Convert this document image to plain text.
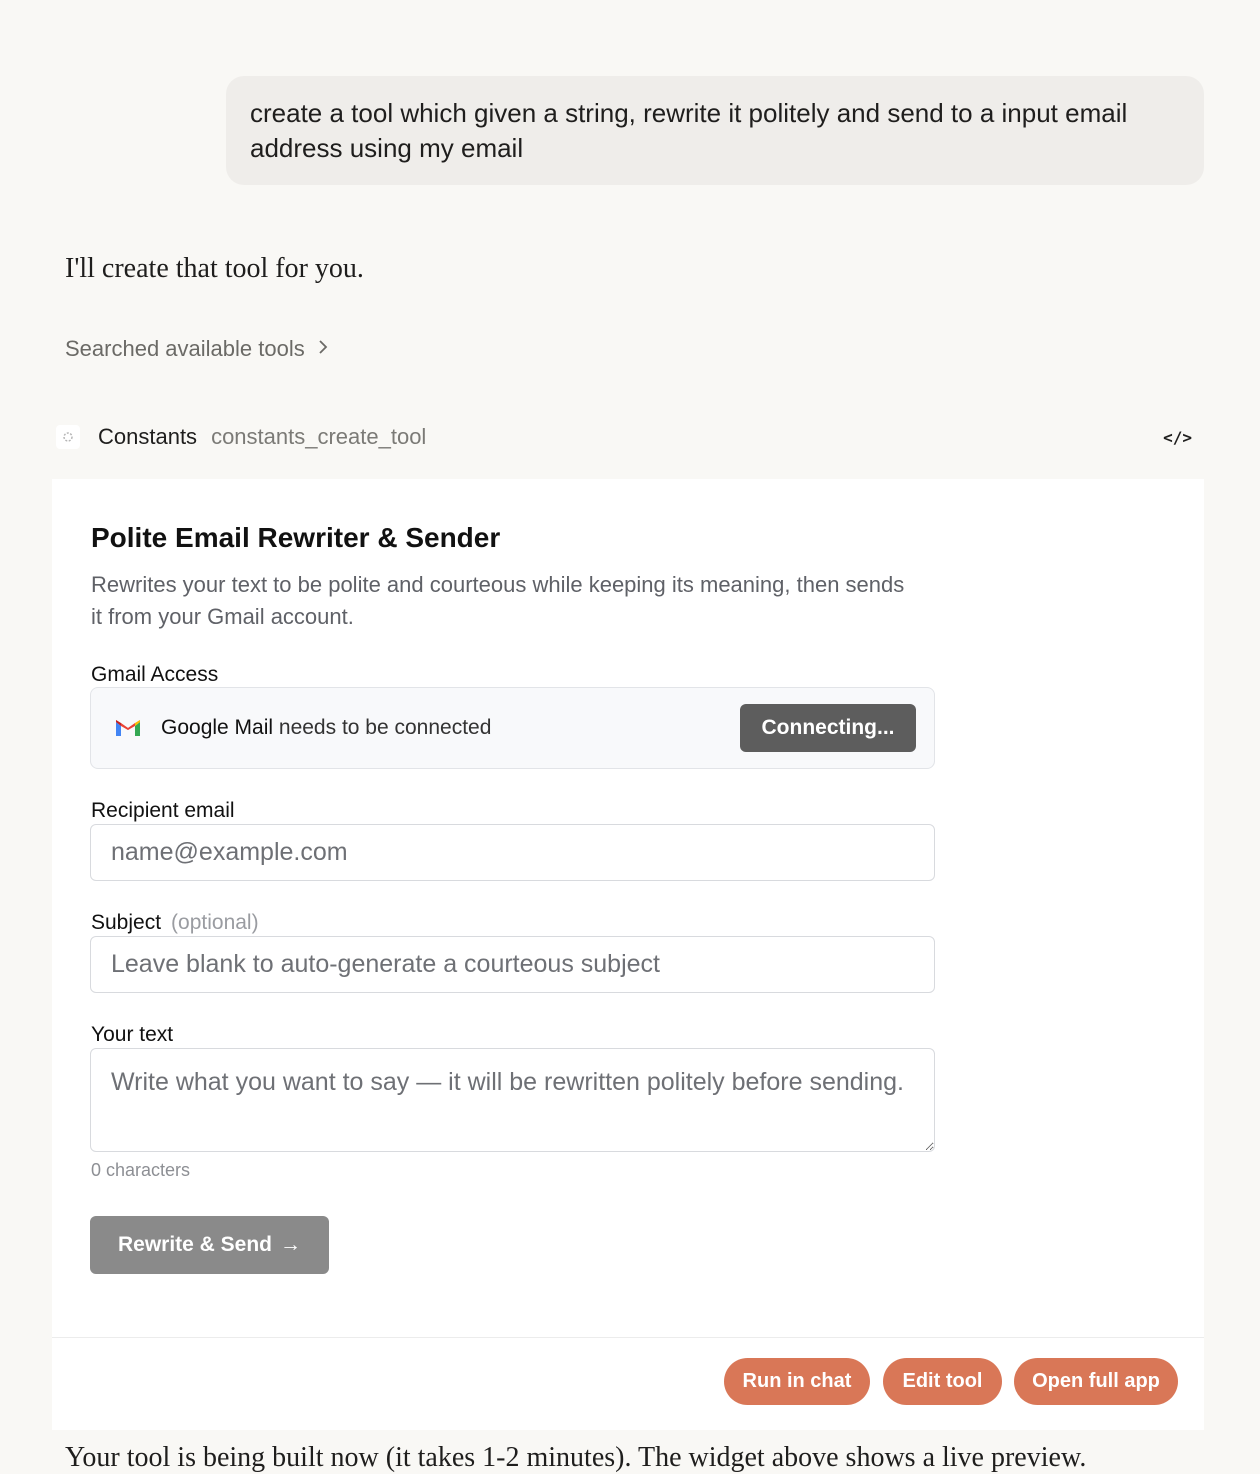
create a tool which given a string, rewrite it politely and send to a input email address using my email
I'll create that tool for you.
Searched available tools
Constants constants_create_tool	</>
Polite Email Rewriter & Sender
Rewrites your text to be polite and courteous while keeping its meaning, then sends it from your Gmail account.
Gmail Access
Google Mail needs to be connected	Connecting...
Recipient email
name@example.com
Subject (optional)
Leave blank to auto-generate a courteous subject
Your text
Write what you want to say — it will be rewritten politely before sending.
0 characters
Rewrite & Send →
Run in chat	Edit tool	Open full app
Your tool is being built now (it takes 1-2 minutes). The widget above shows a live preview.
